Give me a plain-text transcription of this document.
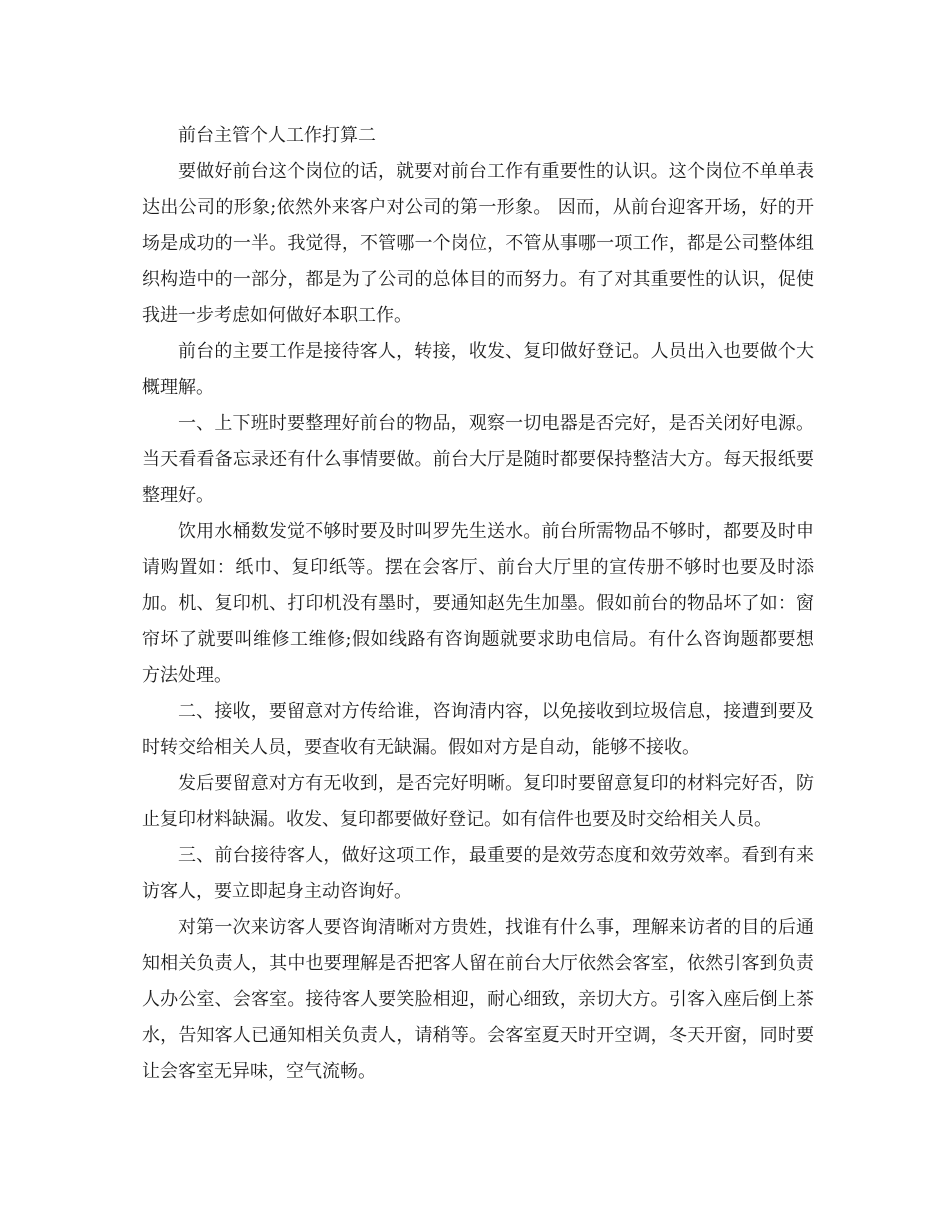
前台主管个人工作打算二

要做好前台这个岗位的话，就要对前台工作有重要性的认识。这个岗位不单单表达出公司的形象;依然外来客户对公司的第一形象。 因而，从前台迎客开场，好的开场是成功的一半。我觉得，不管哪一个岗位，不管从事哪一项工作，都是公司整体组织构造中的一部分，都是为了公司的总体目的而努力。有了对其重要性的认识，促使我进一步考虑如何做好本职工作。

前台的主要工作是接待客人，转接，收发、复印做好登记。人员出入也要做个大概理解。

一、上下班时要整理好前台的物品，观察一切电器是否完好，是否关闭好电源。当天看看备忘录还有什么事情要做。前台大厅是随时都要保持整洁大方。每天报纸要整理好。

饮用水桶数发觉不够时要及时叫罗先生送水。前台所需物品不够时，都要及时申请购置如：纸巾、复印纸等。摆在会客厅、前台大厅里的宣传册不够时也要及时添加。机、复印机、打印机没有墨时，要通知赵先生加墨。假如前台的物品坏了如：窗帘坏了就要叫维修工维修;假如线路有咨询题就要求助电信局。有什么咨询题都要想方法处理。

二、接收，要留意对方传给谁，咨询清内容，以免接收到垃圾信息，接遭到要及时转交给相关人员，要查收有无缺漏。假如对方是自动，能够不接收。

发后要留意对方有无收到，是否完好明晰。复印时要留意复印的材料完好否，防止复印材料缺漏。收发、复印都要做好登记。如有信件也要及时交给相关人员。

三、前台接待客人，做好这项工作，最重要的是效劳态度和效劳效率。看到有来访客人，要立即起身主动咨询好。

对第一次来访客人要咨询清晰对方贵姓，找谁有什么事，理解来访者的目的后通知相关负责人，其中也要理解是否把客人留在前台大厅依然会客室，依然引客到负责人办公室、会客室。接待客人要笑脸相迎，耐心细致，亲切大方。引客入座后倒上茶水，告知客人已通知相关负责人，请稍等。会客室夏天时开空调，冬天开窗，同时要让会客室无异味，空气流畅。
